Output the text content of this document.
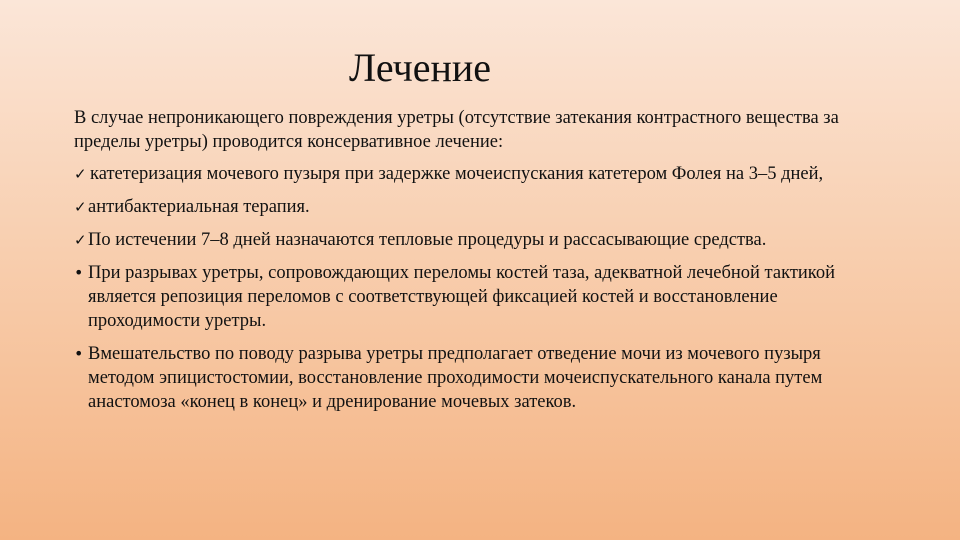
Лечение

В случае непроникающего повреждения уретры (отсутствие затекания контрастного вещества за пределы уретры) проводится консервативное лечение:

✓ катетеризация мочевого пузыря при задержке мочеиспускания катетером Фолея на 3–5 дней,
✓ антибактериальная терапия.
✓ По истечении 7–8 дней назначаются тепловые процедуры и рассасывающие средства.
• При разрывах уретры, сопровождающих переломы костей таза, адекватной лечебной тактикой является репозиция переломов с соответствующей фиксацией костей и восстановление проходимости уретры.
• Вмешательство по поводу разрыва уретры предполагает отведение мочи из мочевого пузыря методом эпицистостомии, восстановление проходимости мочеиспускательного канала путем анастомоза «конец в конец» и дренирование мочевых затеков.
